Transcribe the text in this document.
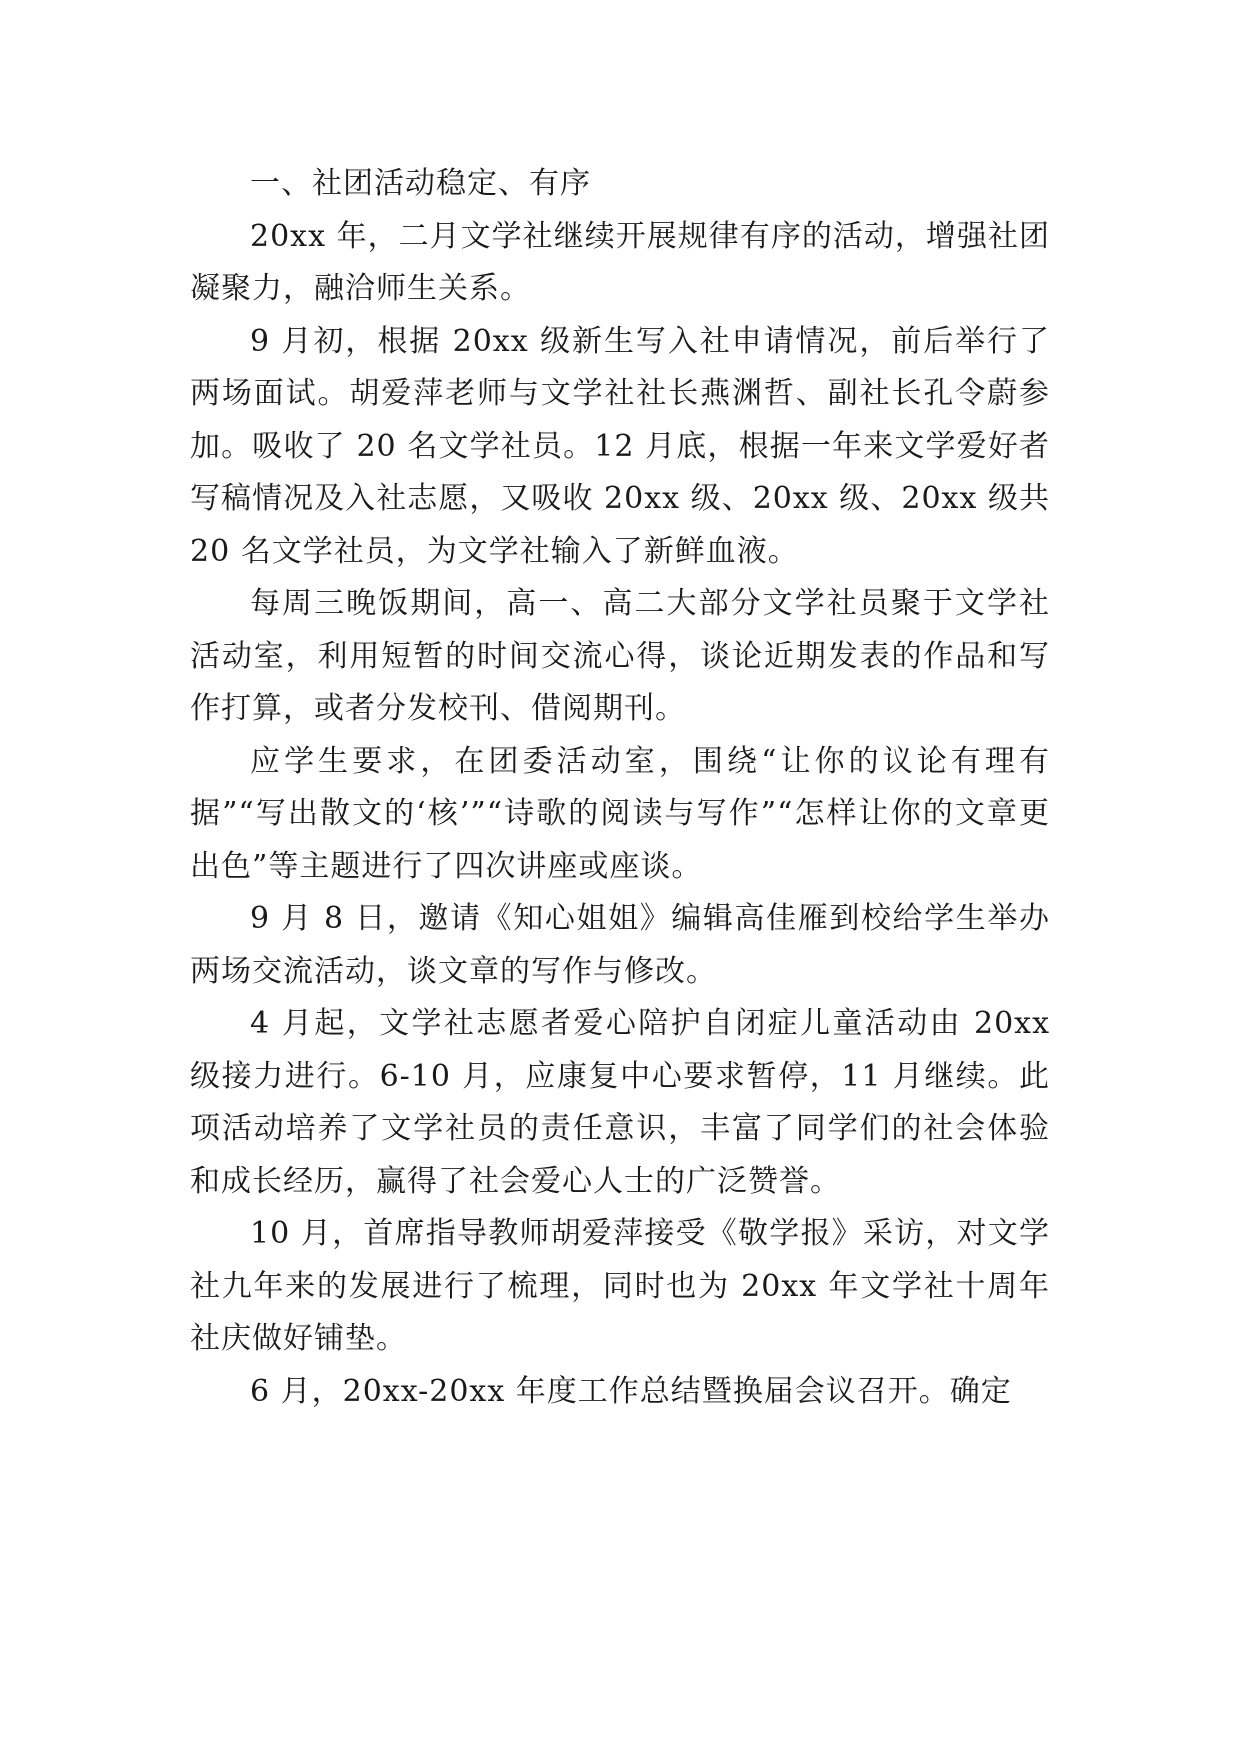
一、社团活动稳定、有序

20xx 年，二月文学社继续开展规律有序的活动，增强社团凝聚力，融洽师生关系。

9 月初，根据 20xx 级新生写入社申请情况，前后举行了两场面试。胡爱萍老师与文学社社长燕渊哲、副社长孔令蔚参加。吸收了 20 名文学社员。12 月底，根据一年来文学爱好者写稿情况及入社志愿，又吸收 20xx 级、20xx 级、20xx 级共 20 名文学社员，为文学社输入了新鲜血液。

每周三晚饭期间，高一、高二大部分文学社员聚于文学社活动室，利用短暂的时间交流心得，谈论近期发表的作品和写作打算，或者分发校刊、借阅期刊。

应学生要求，在团委活动室，围绕“让你的议论有理有据”“写出散文的‘核’”“诗歌的阅读与写作”“怎样让你的文章更出色”等主题进行了四次讲座或座谈。

9 月 8 日，邀请《知心姐姐》编辑高佳雁到校给学生举办两场交流活动，谈文章的写作与修改。

4 月起，文学社志愿者爱心陪护自闭症儿童活动由 20xx 级接力进行。6-10 月，应康复中心要求暂停，11 月继续。此项活动培养了文学社员的责任意识，丰富了同学们的社会体验和成长经历，赢得了社会爱心人士的广泛赞誉。

10 月，首席指导教师胡爱萍接受《敬学报》采访，对文学社九年来的发展进行了梳理，同时也为 20xx 年文学社十周年社庆做好铺垫。

6 月，20xx-20xx 年度工作总结暨换届会议召开。确定
